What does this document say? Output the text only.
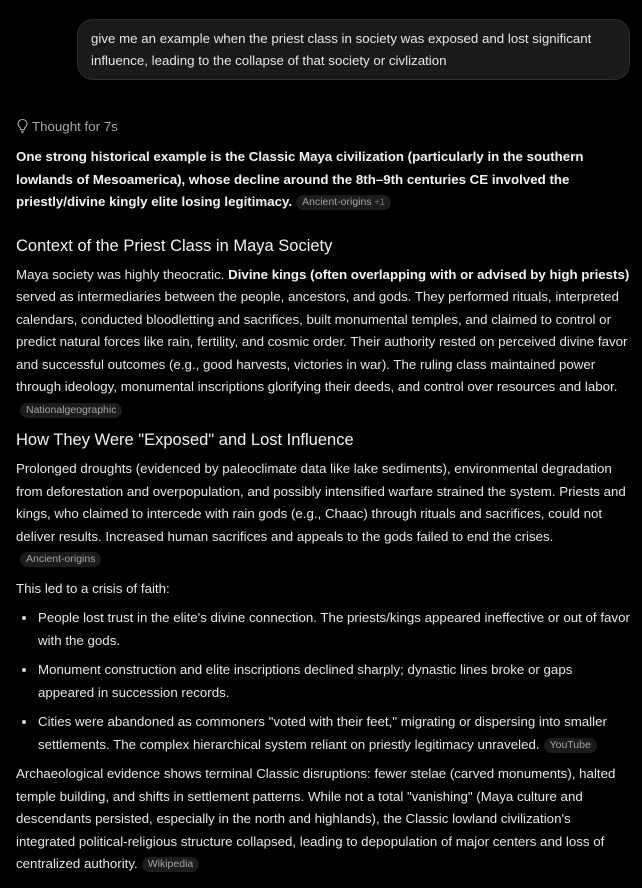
give me an example when the priest class in society was exposed and lost significant influence, leading to the collapse of that society or civlization
Thought for 7s

One strong historical example is the Classic Maya civilization (particularly in the southern lowlands of Mesoamerica), whose decline around the 8th–9th centuries CE involved the priestly/divine kingly elite losing legitimacy. Ancient-origins +1

Context of the Priest Class in Maya Society

Maya society was highly theocratic. Divine kings (often overlapping with or advised by high priests) served as intermediaries between the people, ancestors, and gods. They performed rituals, interpreted calendars, conducted bloodletting and sacrifices, built monumental temples, and claimed to control or predict natural forces like rain, fertility, and cosmic order. Their authority rested on perceived divine favor and successful outcomes (e.g., good harvests, victories in war). The ruling class maintained power through ideology, monumental inscriptions glorifying their deeds, and control over resources and labor.Nationalgeographic

How They Were "Exposed" and Lost Influence

Prolonged droughts (evidenced by paleoclimate data like lake sediments), environmental degradation from deforestation and overpopulation, and possibly intensified warfare strained the system. Priests and kings, who claimed to intercede with rain gods (e.g., Chaac) through rituals and sacrifices, could not deliver results. Increased human sacrifices and appeals to the gods failed to end the crises.Ancient-origins

This led to a crisis of faith:

• People lost trust in the elite's divine connection. The priests/kings appeared ineffective or out of favor with the gods.
• Monument construction and elite inscriptions declined sharply; dynastic lines broke or gaps appeared in succession records.
• Cities were abandoned as commoners "voted with their feet," migrating or dispersing into smaller settlements. The complex hierarchical system reliant on priestly legitimacy unraveled. YouTube

Archaeological evidence shows terminal Classic disruptions: fewer stelae (carved monuments), halted temple building, and shifts in settlement patterns. While not a total "vanishing" (Maya culture and descendants persisted, especially in the north and highlands), the Classic lowland civilization's integrated political-religious structure collapsed, leading to depopulation of major centers and loss of centralized authority. Wikipedia
